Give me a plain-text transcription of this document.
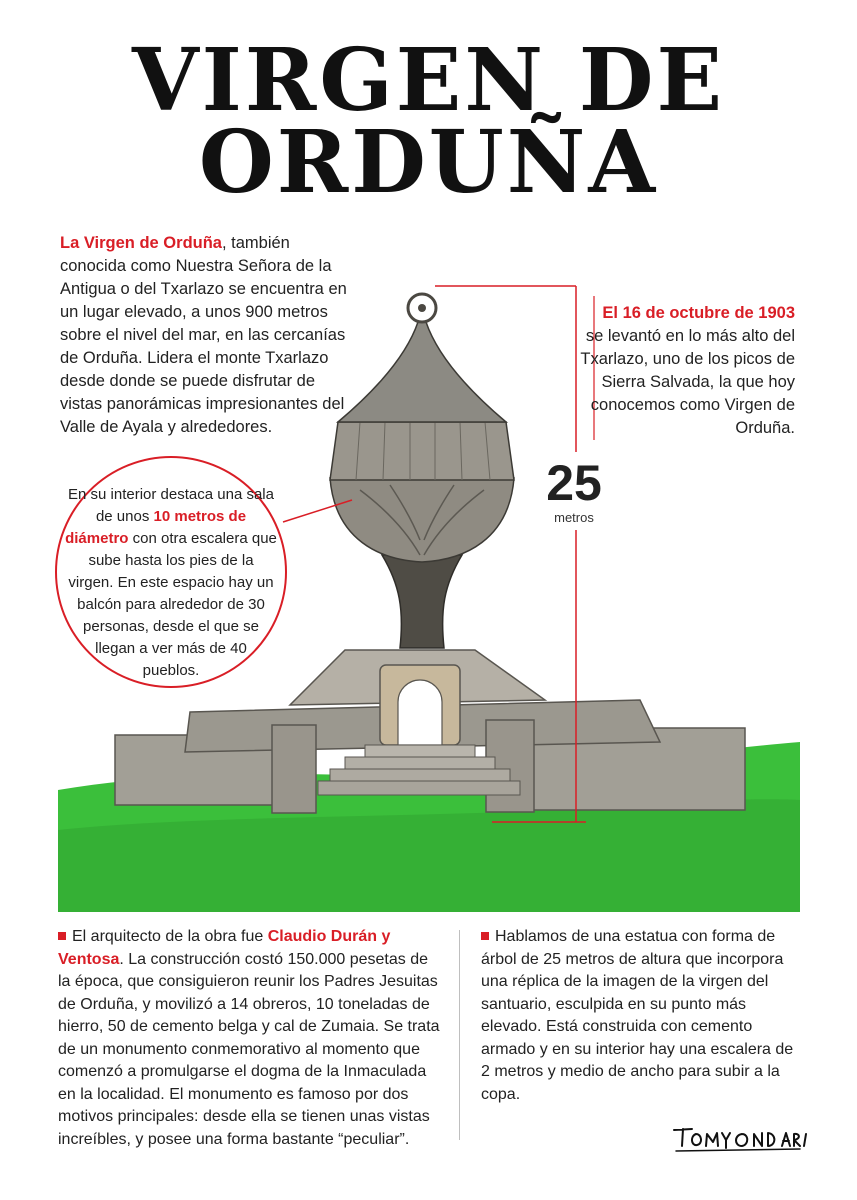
VIRGEN DE
ORDUÑA
La Virgen de Orduña, también conocida como Nuestra Señora de la Antigua o del Txarlazo se encuentra en un lugar elevado, a unos 900 metros sobre el nivel del mar, en las cercanías de Orduña. Lidera el monte Txarlazo desde donde se puede disfrutar de vistas panorámicas impresionantes del Valle de Ayala y alrededores.
El 16 de octubre de 1903
se levantó en lo más alto del Txarlazo, uno de los picos de Sierra Salvada, la que hoy conocemos como Virgen de Orduña.
En su interior destaca una sala de unos 10 metros de diámetro con otra escalera que sube hasta los pies de la virgen. En este espacio hay un balcón para alrededor de 30 personas, desde el que se llegan a ver más de 40 pueblos.
25
metros
El arquitecto de la obra fue Claudio Durán y Ventosa. La construcción costó 150.000 pesetas de la época, que consiguieron reunir los Padres Jesuitas de Orduña, y movilizó a 14 obreros, 10 toneladas de hierro, 50 de cemento belga y cal de Zumaia. Se trata de un monumento conmemorativo al momento que comenzó a promulgarse el dogma de la Inmaculada en la localidad. El monumento es famoso por dos motivos principales: desde ella se tienen unas vistas increíbles, y posee una forma bastante “peculiar”.
Hablamos de una estatua con forma de árbol de 25 metros de altura que incorpora una réplica de la imagen de la virgen del santuario, esculpida en su punto más elevado. Está construida con cemento armado y en su interior hay una escalera de 2 metros y medio de ancho para subir a la copa.
